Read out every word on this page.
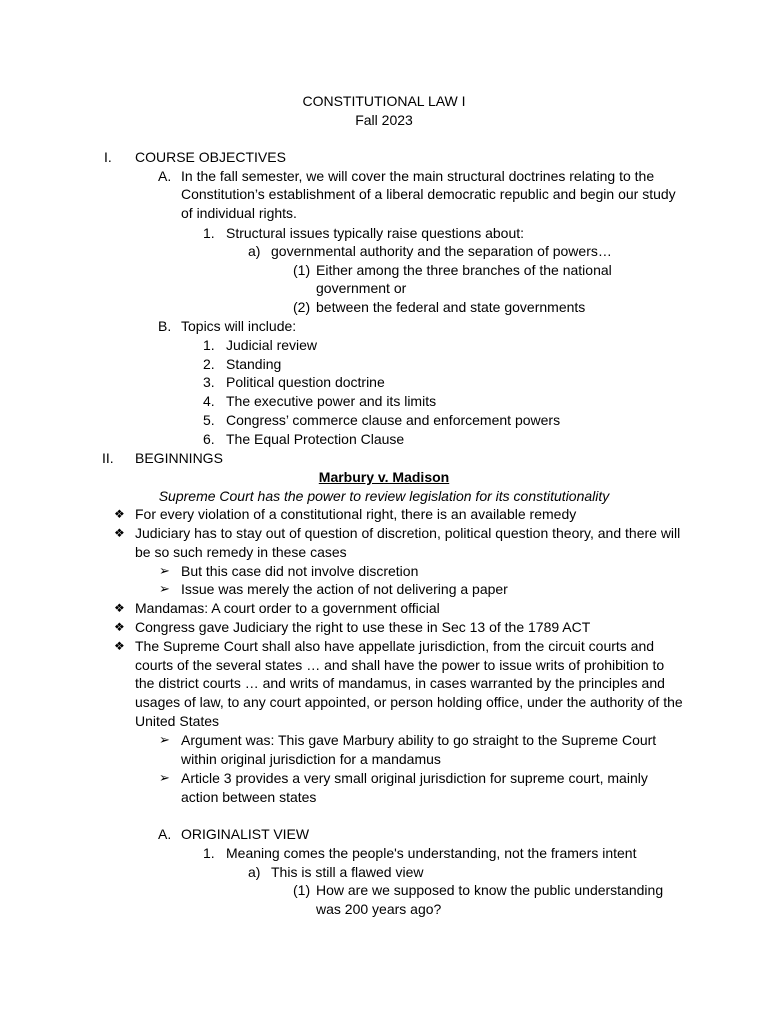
CONSTITUTIONAL LAW I
Fall 2023
I. COURSE OBJECTIVES
A. In the fall semester, we will cover the main structural doctrines relating to the
Constitution’s establishment of a liberal democratic republic and begin our study
of individual rights.
1. Structural issues typically raise questions about:
a) governmental authority and the separation of powers…
(1) Either among the three branches of the national
government or
(2) between the federal and state governments
B. Topics will include:
1. Judicial review
2. Standing
3. Political question doctrine
4. The executive power and its limits
5. Congress’ commerce clause and enforcement powers
6. The Equal Protection Clause
II. BEGINNINGS
Marbury v. Madison
Supreme Court has the power to review legislation for its constitutionality
❖ For every violation of a constitutional right, there is an available remedy
❖ Judiciary has to stay out of question of discretion, political question theory, and there will
be so such remedy in these cases
➢ But this case did not involve discretion
➢ Issue was merely the action of not delivering a paper
❖ Mandamas: A court order to a government official
❖ Congress gave Judiciary the right to use these in Sec 13 of the 1789 ACT
❖ The Supreme Court shall also have appellate jurisdiction, from the circuit courts and
courts of the several states … and shall have the power to issue writs of prohibition to
the district courts … and writs of mandamus, in cases warranted by the principles and
usages of law, to any court appointed, or person holding office, under the authority of the
United States
➢ Argument was: This gave Marbury ability to go straight to the Supreme Court
within original jurisdiction for a mandamus
➢ Article 3 provides a very small original jurisdiction for supreme court, mainly
action between states
A. ORIGINALIST VIEW
1. Meaning comes the people's understanding, not the framers intent
a) This is still a flawed view
(1) How are we supposed to know the public understanding
was 200 years ago?
